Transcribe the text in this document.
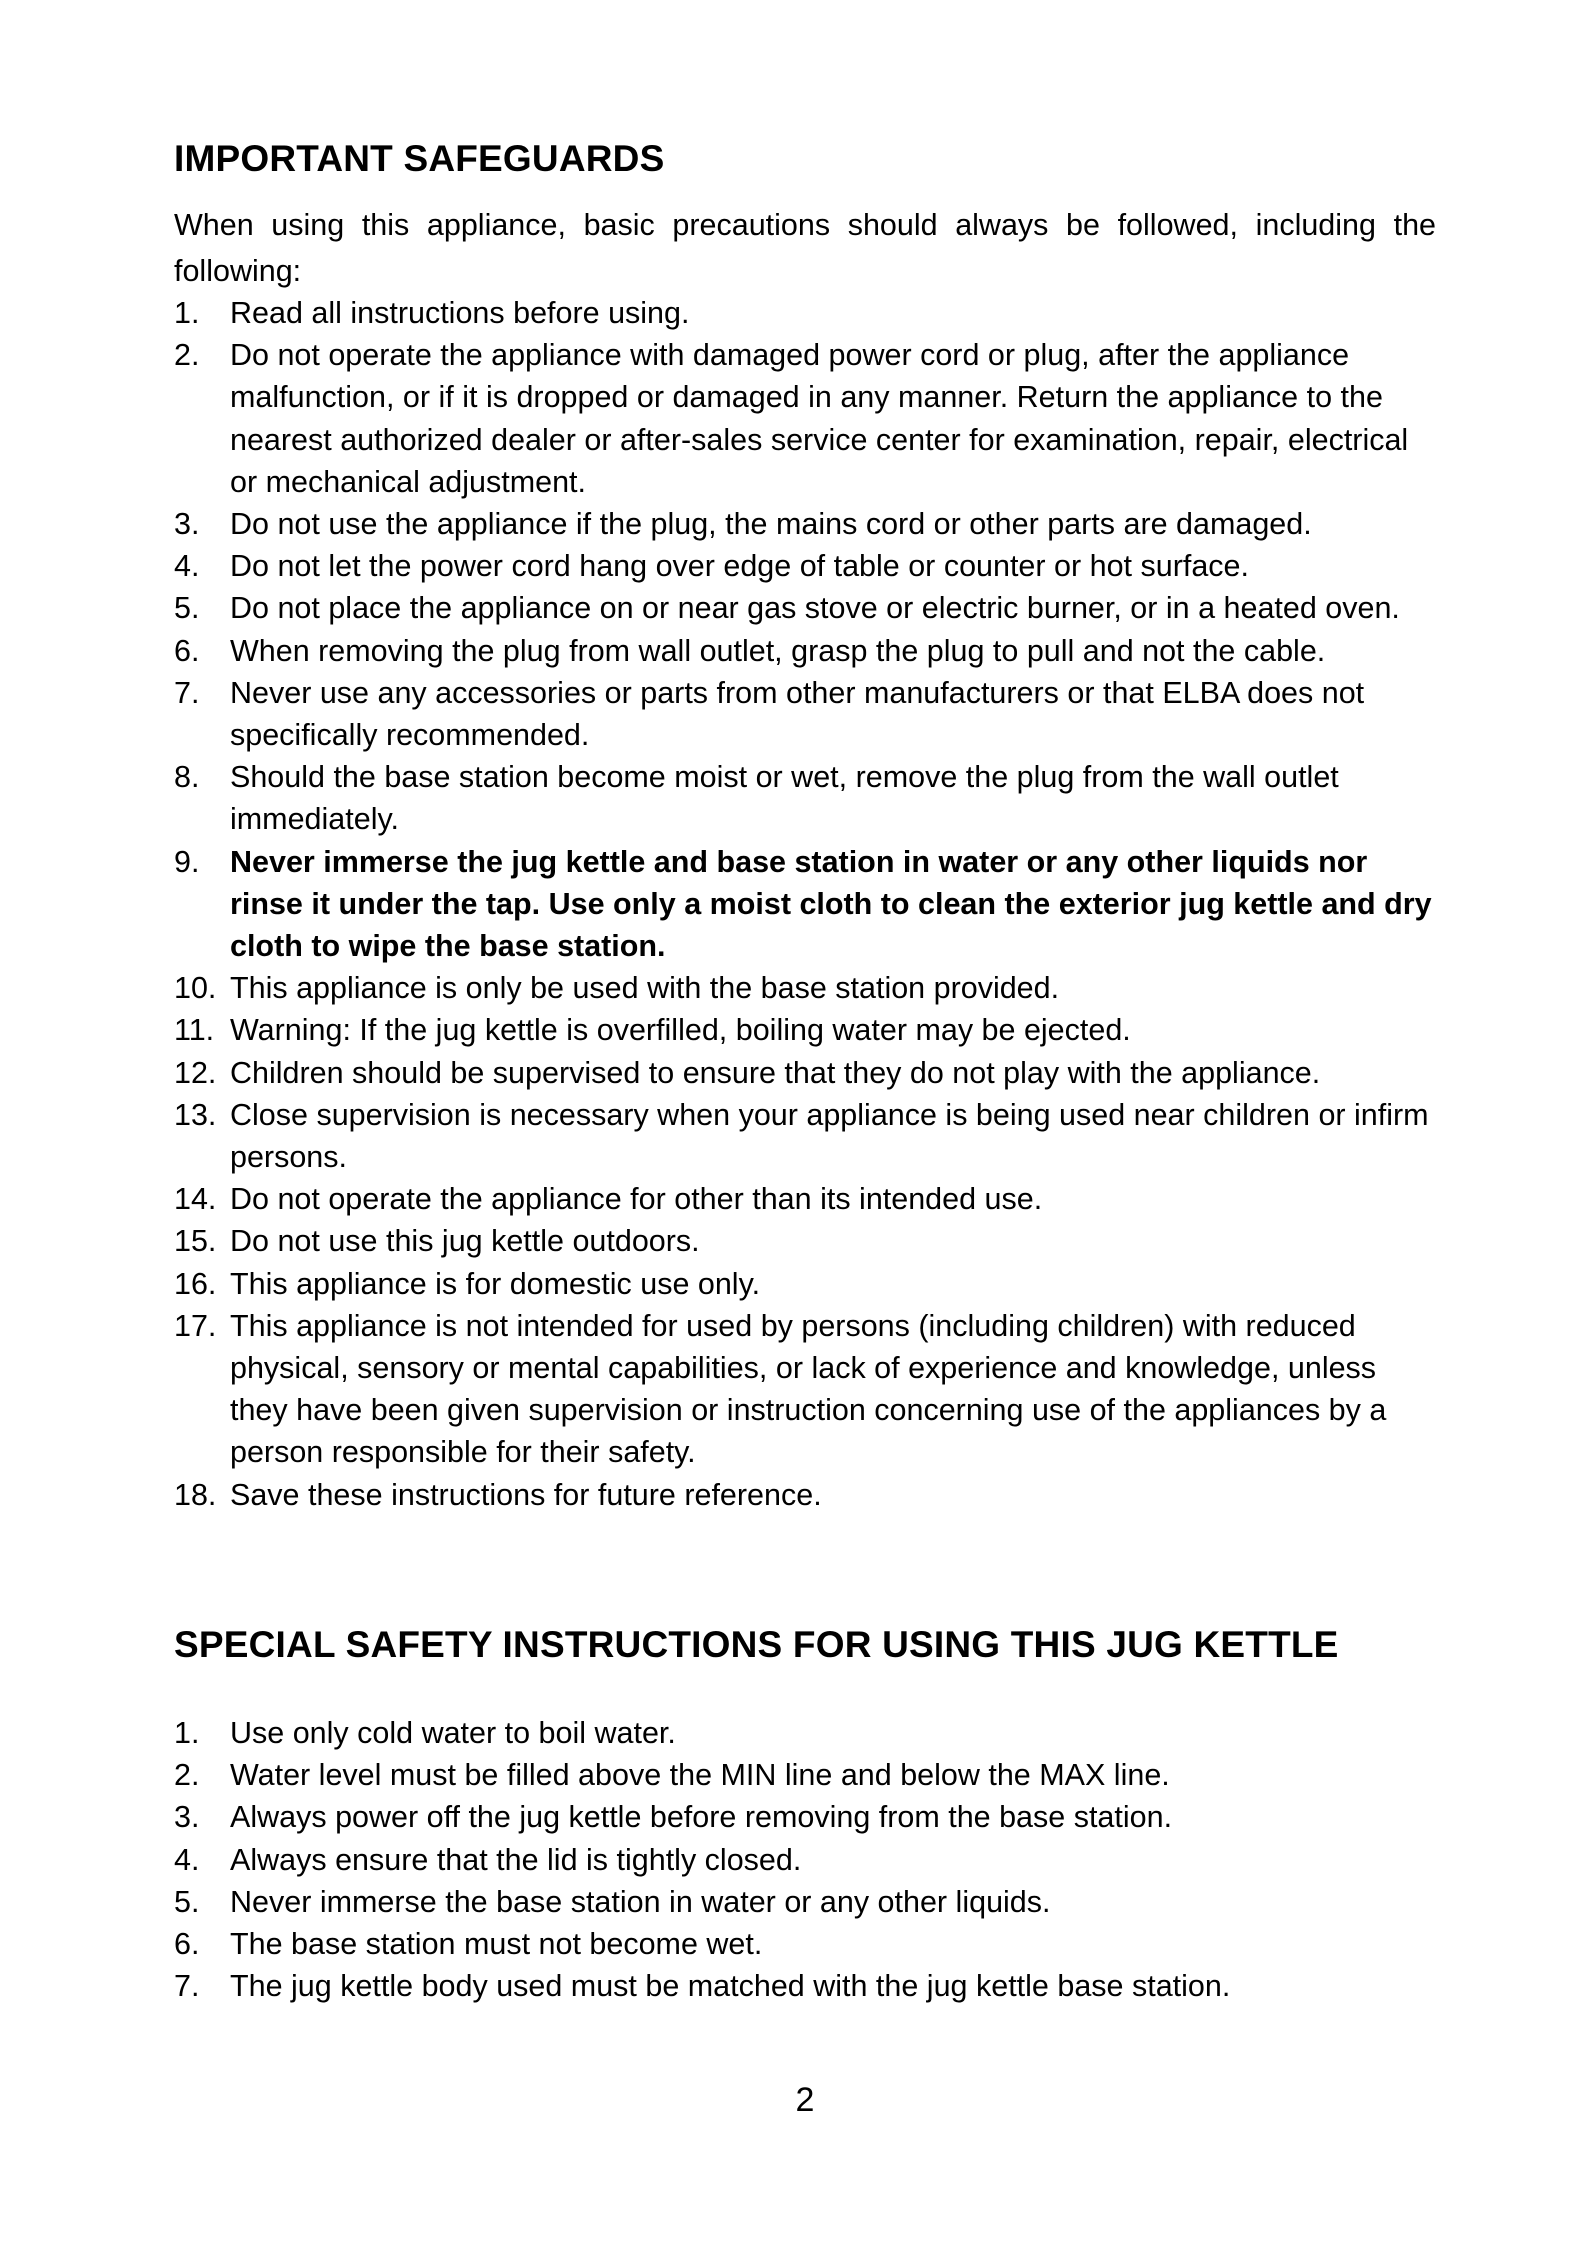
IMPORTANT SAFEGUARDS

When using this appliance, basic precautions should always be followed, including the following:

1.	Read all instructions before using.
2.	Do not operate the appliance with damaged power cord or plug, after the appliance malfunction, or if it is dropped or damaged in any manner. Return the appliance to the nearest authorized dealer or after-sales service center for examination, repair, electrical or mechanical adjustment.
3.	Do not use the appliance if the plug, the mains cord or other parts are damaged.
4.	Do not let the power cord hang over edge of table or counter or hot surface.
5.	Do not place the appliance on or near gas stove or electric burner, or in a heated oven.
6.	When removing the plug from wall outlet, grasp the plug to pull and not the cable.
7.	Never use any accessories or parts from other manufacturers or that ELBA does not specifically recommended.
8.	Should the base station become moist or wet, remove the plug from the wall outlet immediately.
9.	Never immerse the jug kettle and base station in water or any other liquids nor rinse it under the tap. Use only a moist cloth to clean the exterior jug kettle and dry cloth to wipe the base station.
10. This appliance is only be used with the base station provided.
11. Warning: If the jug kettle is overfilled, boiling water may be ejected.
12. Children should be supervised to ensure that they do not play with the appliance.
13. Close supervision is necessary when your appliance is being used near children or infirm persons.
14. Do not operate the appliance for other than its intended use.
15. Do not use this jug kettle outdoors.
16. This appliance is for domestic use only.
17. This appliance is not intended for used by persons (including children) with reduced physical, sensory or mental capabilities, or lack of experience and knowledge, unless they have been given supervision or instruction concerning use of the appliances by a person responsible for their safety.
18. Save these instructions for future reference.
SPECIAL SAFETY INSTRUCTIONS FOR USING THIS JUG KETTLE
1.	Use only cold water to boil water.
2.	Water level must be filled above the MIN line and below the MAX line.
3.	Always power off the jug kettle before removing from the base station.
4.	Always ensure that the lid is tightly closed.
5.	Never immerse the base station in water or any other liquids.
6.	The base station must not become wet.
7.	The jug kettle body used must be matched with the jug kettle base station.
2
